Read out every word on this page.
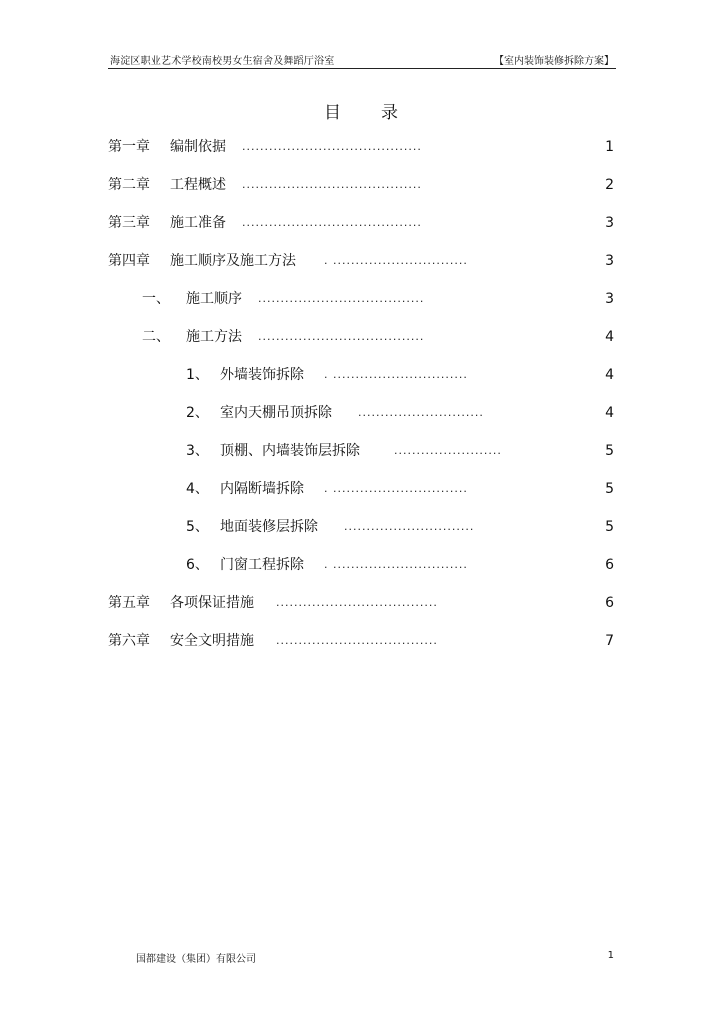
海淀区职业艺术学校南校男女生宿舍及舞蹈厅浴室	【室内装饰装修拆除方案】
目　　录
第一章 编制依据 ........................................	1
第二章 工程概述 ........................................	2
第三章 施工准备 ........................................	3
第四章 施工顺序及施工方法	. ..............................	3
一、 施工顺序 .....................................	3
二、 施工方法 .....................................	4
1、 外墙装饰拆除 . ..............................	4
2、 室内天棚吊顶拆除 ............................	4
3、 顶棚、内墙装饰层拆除	........................	5
4、 内隔断墙拆除 . ..............................	5
5、 地面装修层拆除 .............................	5
6、 门窗工程拆除 . ..............................	6
第五章 各项保证措施 ....................................	6
第六章 安全文明措施 ....................................	7
国都建设（集团）有限公司	1
